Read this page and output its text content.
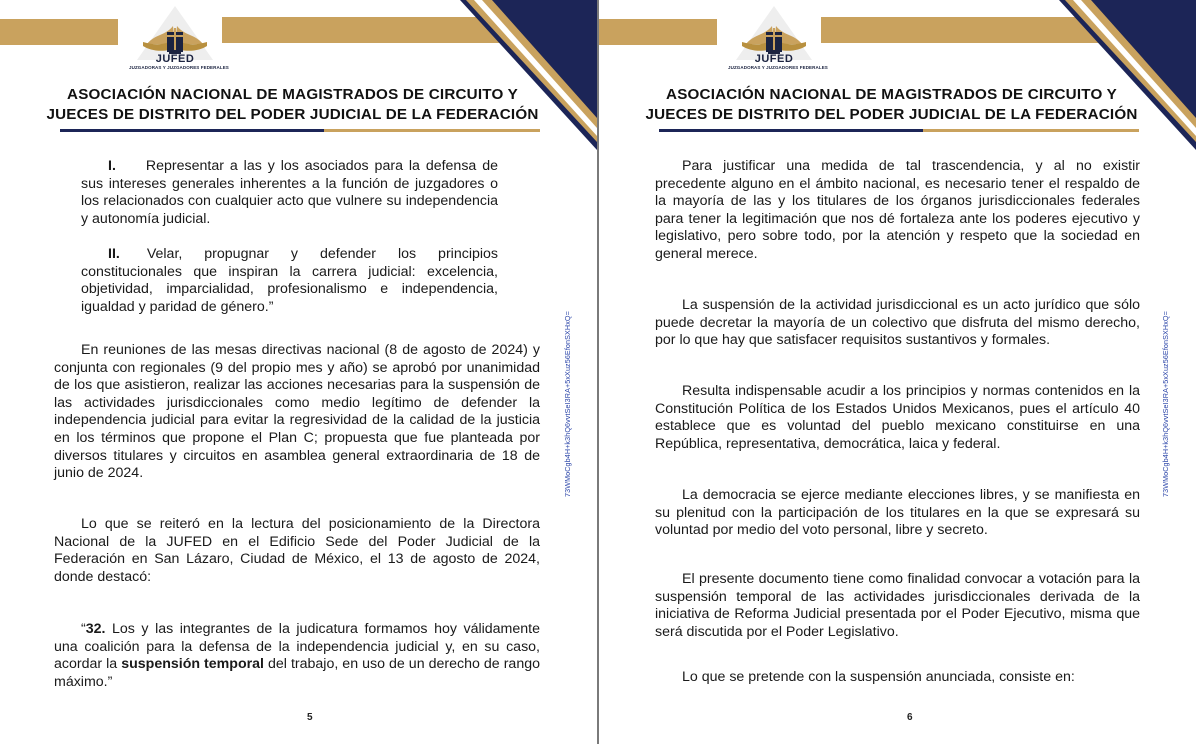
JUFED
JUZGADORAS Y JUZGADORES FEDERALES
ASOCIACIÓN NACIONAL DE MAGISTRADOS DE CIRCUITO Y
JUECES DE DISTRITO DEL PODER JUDICIAL DE LA FEDERACIÓN

I. Representar a las y los asociados para la defensa de sus intereses generales inherentes a la función de juzgadores o los relacionados con cualquier acto que vulnere su independencia y autonomía judicial.

II. Velar, propugnar y defender los principios constitucionales que inspiran la carrera judicial: excelencia, objetividad, imparcialidad, profesionalismo e independencia, igualdad y paridad de género.”

En reuniones de las mesas directivas nacional (8 de agosto de 2024) y conjunta con regionales (9 del propio mes y año) se aprobó por unanimidad de los que asistieron, realizar las acciones necesarias para la suspensión de las actividades jurisdiccionales como medio legítimo de defender la independencia judicial para evitar la regresividad de la calidad de la justicia en los términos que propone el Plan C; propuesta que fue planteada por diversos titulares y circuitos en asamblea general extraordinaria de 18 de junio de 2024.

Lo que se reiteró en la lectura del posicionamiento de la Directora Nacional de la JUFED en el Edificio Sede del Poder Judicial de la Federación en San Lázaro, Ciudad de México, el 13 de agosto de 2024, donde destacó:

“32. Los y las integrantes de la judicatura formamos hoy válidamente una coalición para la defensa de la independencia judicial y, en su caso, acordar la suspensión temporal del trabajo, en uso de un derecho de rango máximo.”

73WMoCgb4H+k3hQ6vvtSeI3RA+5xXuz56EfonSXHxQ=
5
JUFED
JUZGADORAS Y JUZGADORES FEDERALES
ASOCIACIÓN NACIONAL DE MAGISTRADOS DE CIRCUITO Y
JUECES DE DISTRITO DEL PODER JUDICIAL DE LA FEDERACIÓN

Para justificar una medida de tal trascendencia, y al no existir precedente alguno en el ámbito nacional, es necesario tener el respaldo de la mayoría de las y los titulares de los órganos jurisdiccionales federales para tener la legitimación que nos dé fortaleza ante los poderes ejecutivo y legislativo, pero sobre todo, por la atención y respeto que la sociedad en general merece.

La suspensión de la actividad jurisdiccional es un acto jurídico que sólo puede decretar la mayoría de un colectivo que disfruta del mismo derecho, por lo que hay que satisfacer requisitos sustantivos y formales.

Resulta indispensable acudir a los principios y normas contenidos en la Constitución Política de los Estados Unidos Mexicanos, pues el artículo 40 establece que es voluntad del pueblo mexicano constituirse en una República, representativa, democrática, laica y federal.

La democracia se ejerce mediante elecciones libres, y se manifiesta en su plenitud con la participación de los titulares en la que se expresará su voluntad por medio del voto personal, libre y secreto.

El presente documento tiene como finalidad convocar a votación para la suspensión temporal de las actividades jurisdiccionales derivada de la iniciativa de Reforma Judicial presentada por el Poder Ejecutivo, misma que será discutida por el Poder Legislativo.

Lo que se pretende con la suspensión anunciada, consiste en:

73WMoCgb4H+k3hQ6vvtSeI3RA+5xXuz56EfonSXHxQ=
6
